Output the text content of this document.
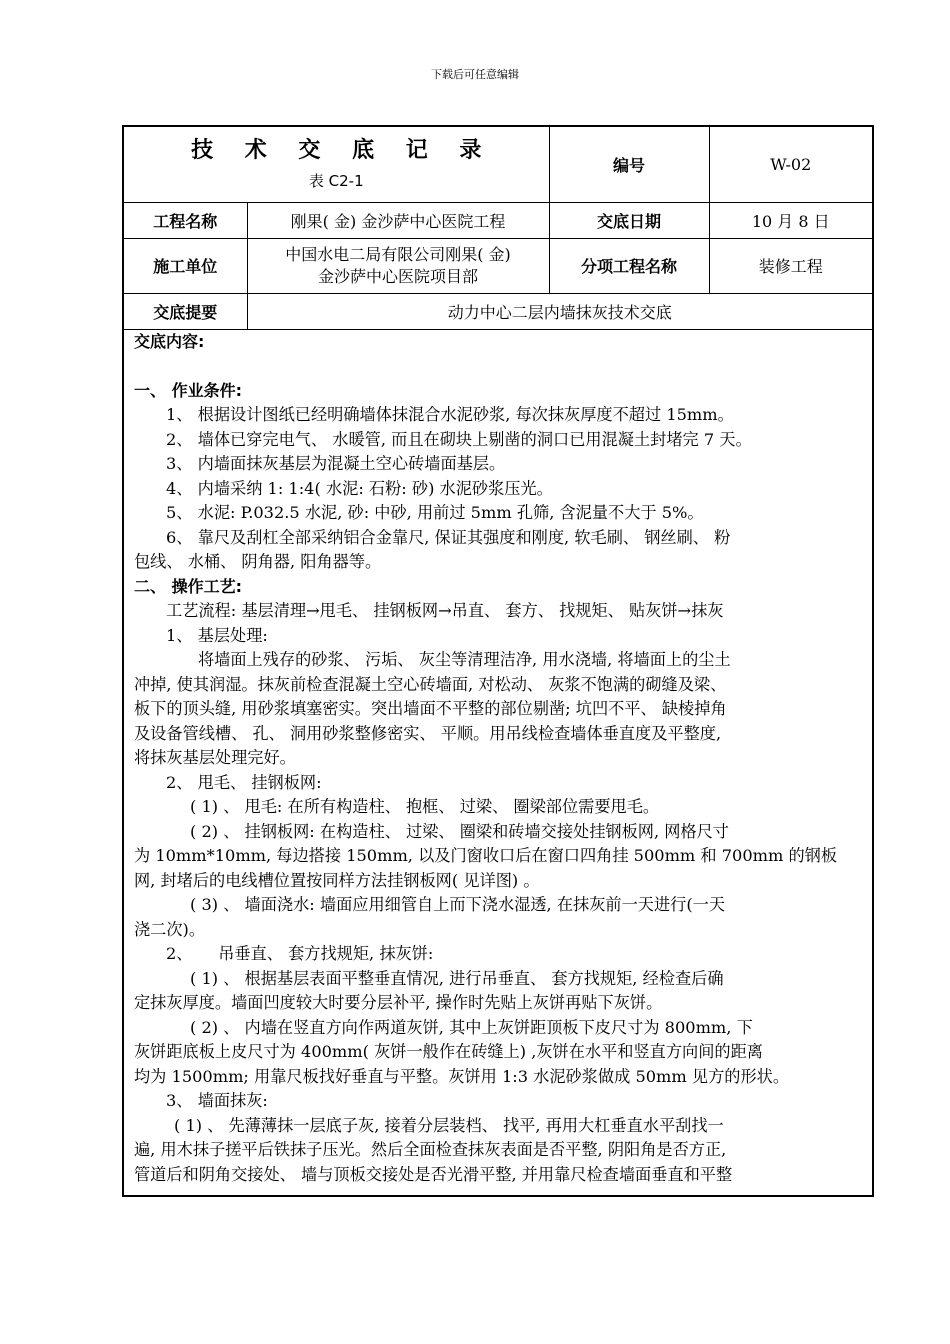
下载后可任意编辑
技 术 交 底 记 录
表 C2-1		编号	W-02
工程名称	刚果( 金) 金沙萨中心医院工程	交底日期	10 月 8 日
施工单位	中国水电二局有限公司刚果( 金)
金沙萨中心医院项目部	分项工程名称	装修工程
交底提要	动力中心二层内墙抹灰技术交底		

交底内容:

一、 作业条件:

1、 根据设计图纸已经明确墙体抹混合水泥砂浆, 每次抹灰厚度不超过 15mm。

2、 墙体已穿完电气、 水暖管, 而且在砌块上剔凿的洞口已用混凝土封堵完 7 天。

3、 内墙面抹灰基层为混凝土空心砖墙面基层。

4、 内墙采纳 1: 1:4( 水泥: 石粉: 砂) 水泥砂浆压光。

5、 水泥: P.032.5 水泥, 砂: 中砂, 用前过 5mm 孔筛, 含泥量不大于 5%。

6、 靠尺及刮杠全部采纳铝合金靠尺, 保证其强度和刚度, 软毛刷、 钢丝刷、 粉

包线、 水桶、 阴角器, 阳角器等。

二、 操作工艺:

工艺流程: 基层清理→甩毛、 挂钢板网→吊直、 套方、 找规矩、 贴灰饼→抹灰

1、 基层处理:

将墙面上残存的砂浆、 污垢、 灰尘等清理洁净, 用水浇墙, 将墙面上的尘土

冲掉, 使其润湿。抹灰前检查混凝土空心砖墙面, 对松动、 灰浆不饱满的砌缝及梁、

板下的顶头缝, 用砂浆填塞密实。突出墙面不平整的部位剔凿; 坑凹不平、 缺棱掉角

及设备管线槽、 孔、 洞用砂浆整修密实、 平顺。用吊线检查墙体垂直度及平整度,

将抹灰基层处理完好。

2、 甩毛、 挂钢板网:

( 1) 、 甩毛: 在所有构造柱、 抱框、 过梁、 圈梁部位需要甩毛。

( 2) 、 挂钢板网: 在构造柱、 过梁、 圈梁和砖墙交接处挂钢板网, 网格尺寸

为 10mm*10mm, 每边搭接 150mm, 以及门窗收口后在窗口四角挂 500mm 和 700mm 的钢板

网, 封堵后的电线槽位置按同样方法挂钢板网( 见详图) 。

( 3) 、 墙面浇水: 墙面应用细管自上而下浇水湿透, 在抹灰前一天进行(一天

浇二次)。

2、     吊垂直、 套方找规矩, 抹灰饼:

( 1) 、 根据基层表面平整垂直情况, 进行吊垂直、 套方找规矩, 经检查后确

定抹灰厚度。墙面凹度较大时要分层补平, 操作时先贴上灰饼再贴下灰饼。

( 2) 、 内墙在竖直方向作两道灰饼, 其中上灰饼距顶板下皮尺寸为 800mm, 下

灰饼距底板上皮尺寸为 400mm( 灰饼一般作在砖缝上) ,灰饼在水平和竖直方向间的距离

均为 1500mm; 用靠尺板找好垂直与平整。灰饼用 1:3 水泥砂浆做成 50mm 见方的形状。

3、 墙面抹灰:

( 1) 、 先薄薄抹一层底子灰, 接着分层装档、 找平, 再用大杠垂直水平刮找一

遍, 用木抹子搓平后铁抹子压光。然后全面检查抹灰表面是否平整, 阴阳角是否方正,

管道后和阴角交接处、 墙与顶板交接处是否光滑平整, 并用靠尺检查墙面垂直和平整
